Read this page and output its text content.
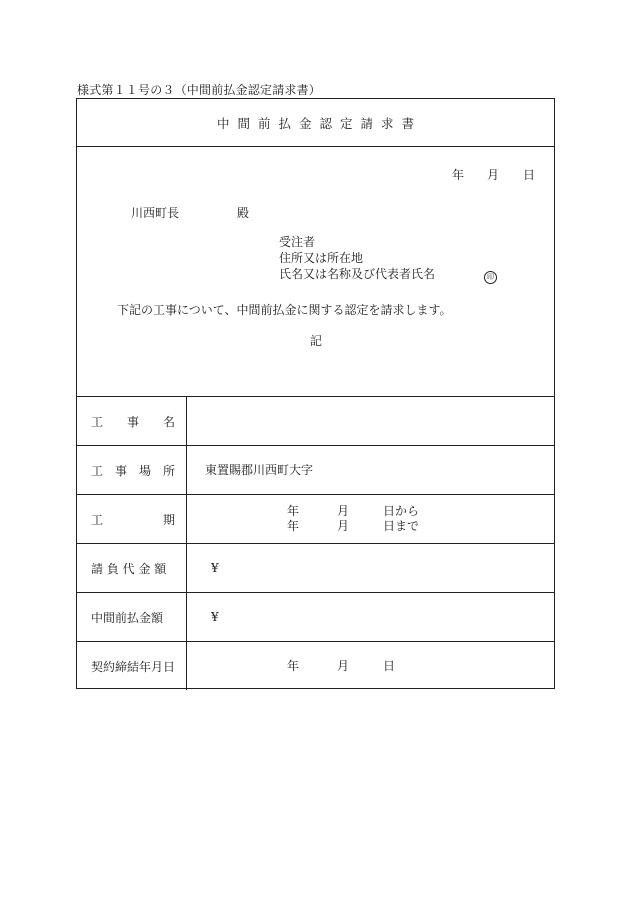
様式第１１号の３（中間前払金認定請求書）
中間前払金認定請求書
年 月 日
川西町長	殿
受注者
住所又は所在地
氏名又は名称及び代表者氏名	印
下記の工事について、中間前払金に関する認定を請求します。
記
工　　事　　名
工　事　場　所	東置賜郡川西町大字
工　　　　　期
年	月	日から
年	月	日まで
請 負 代 金 額	¥
中間前払金額	¥
契約締結年月日	年	月	日
